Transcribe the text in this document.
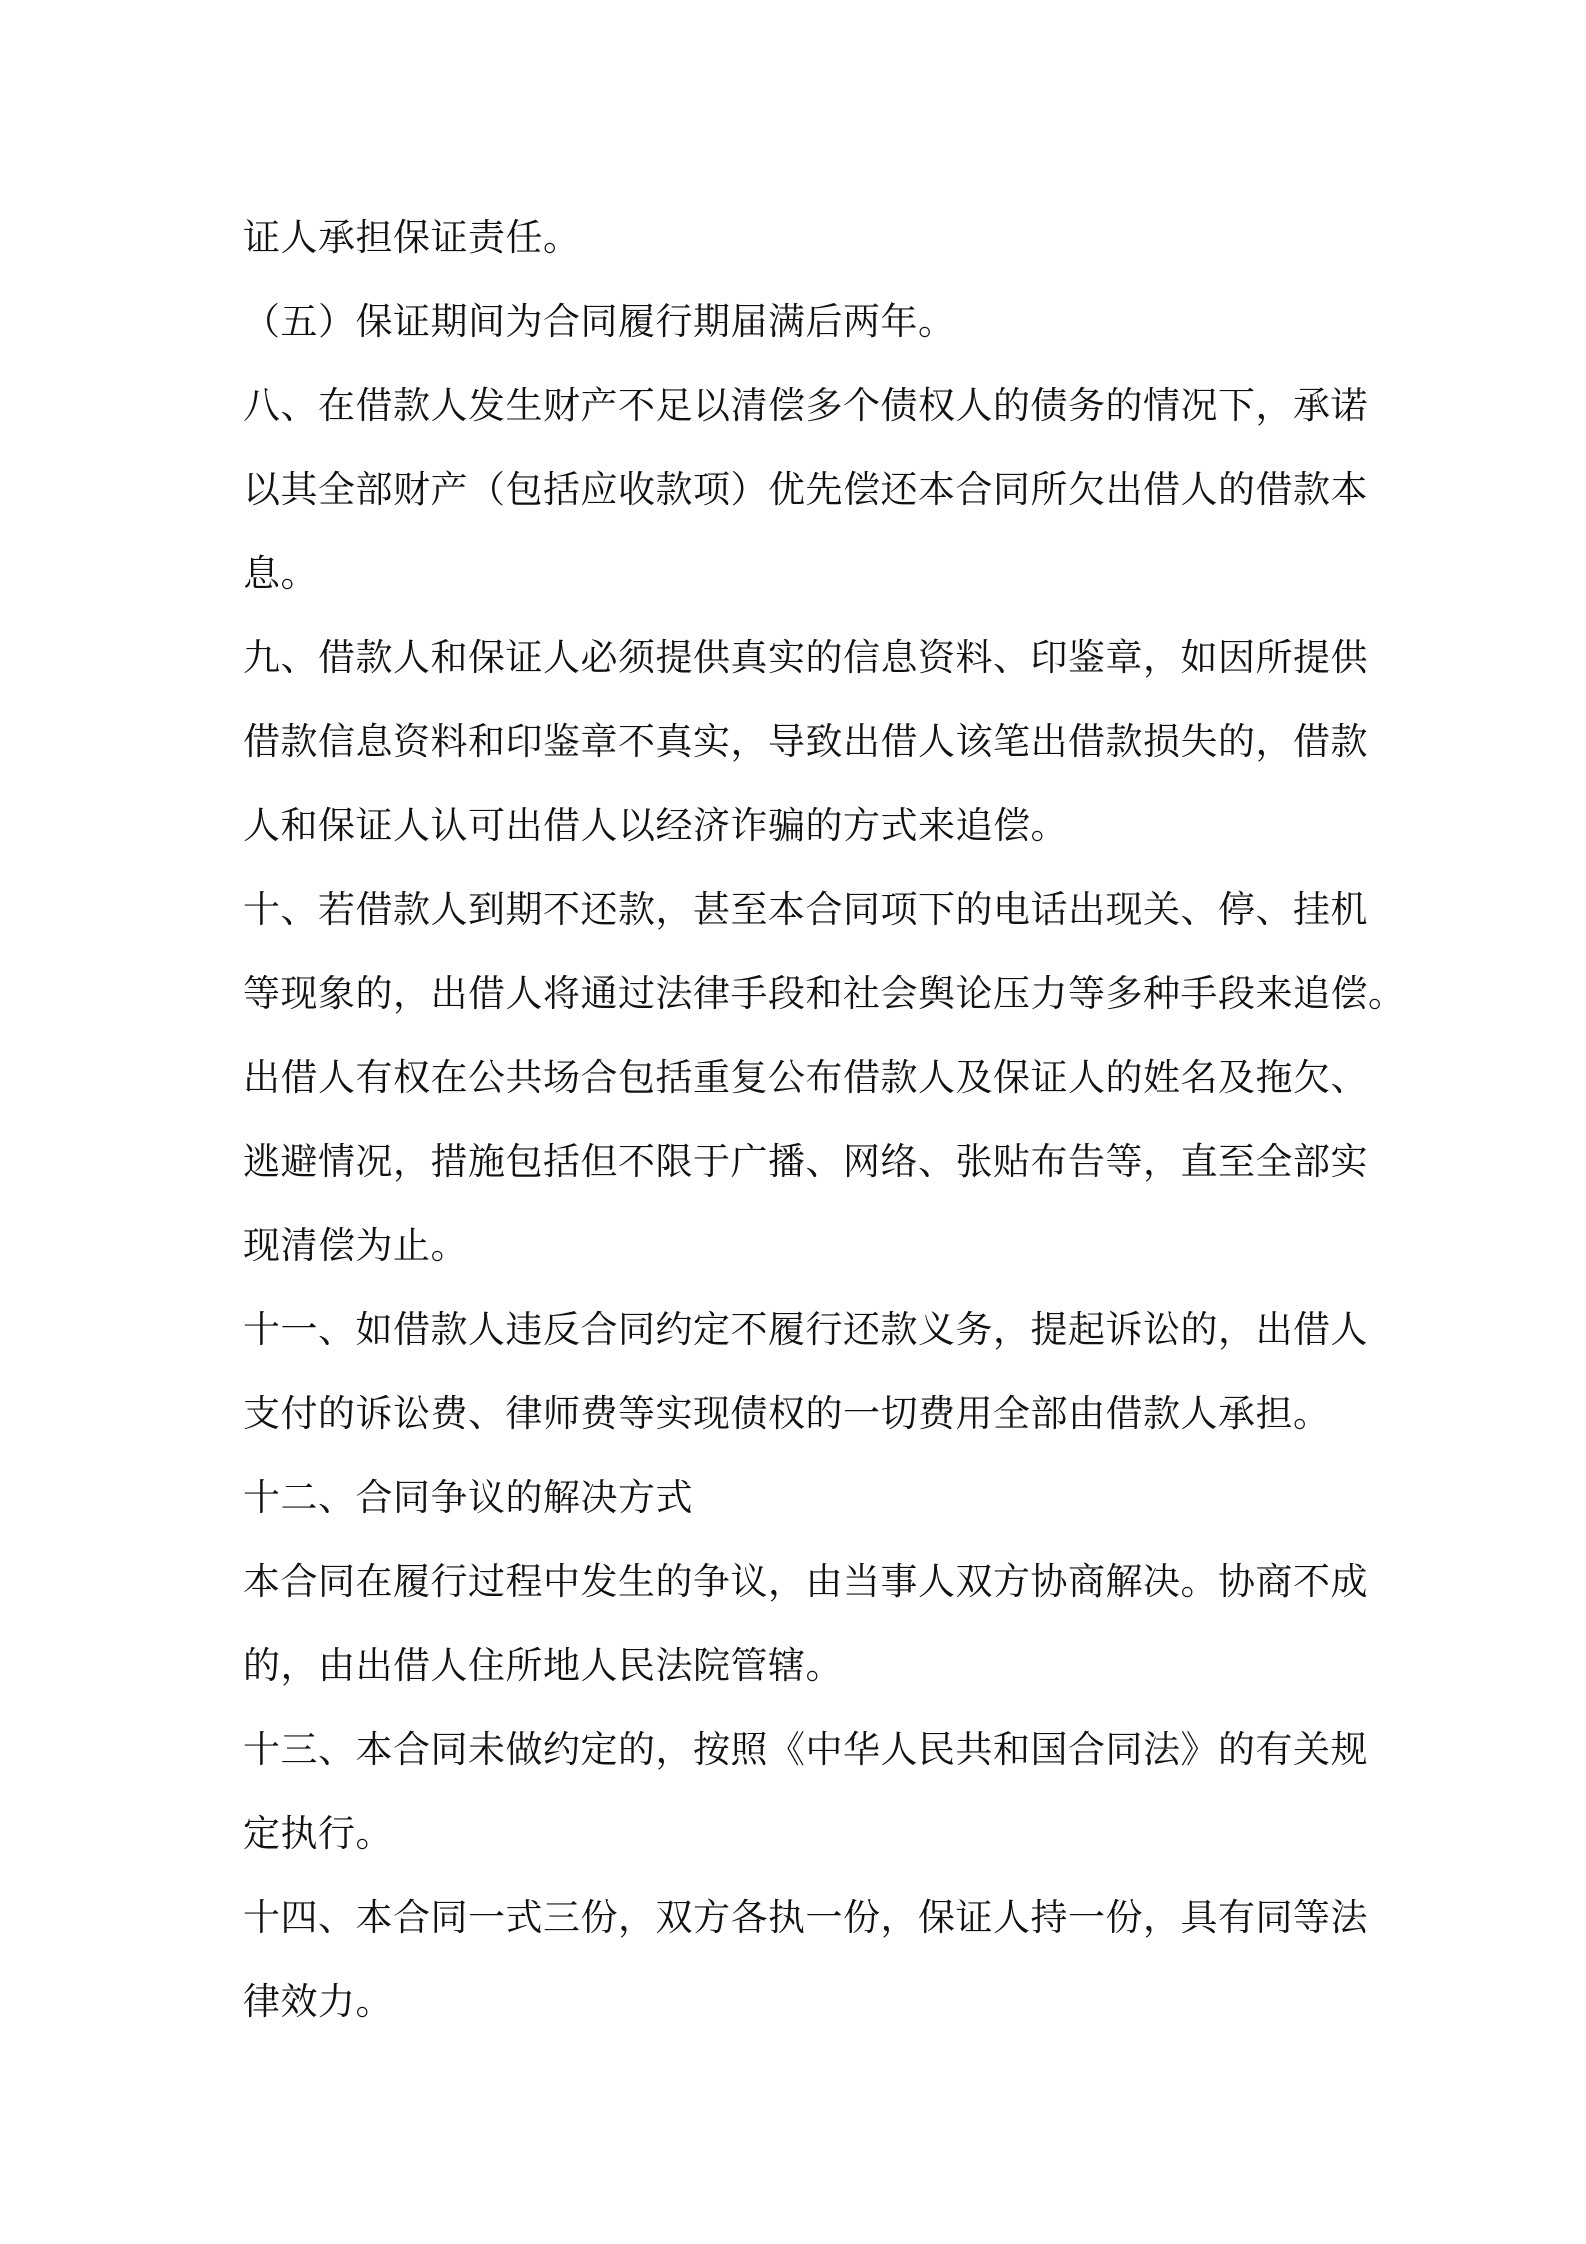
证人承担保证责任。
（五）保证期间为合同履行期届满后两年。
八、在借款人发生财产不足以清偿多个债权人的债务的情况下，承诺
以其全部财产（包括应收款项）优先偿还本合同所欠出借人的借款本
息。
九、借款人和保证人必须提供真实的信息资料、印鉴章，如因所提供
借款信息资料和印鉴章不真实，导致出借人该笔出借款损失的，借款
人和保证人认可出借人以经济诈骗的方式来追偿。
十、若借款人到期不还款，甚至本合同项下的电话出现关、停、挂机
等现象的，出借人将通过法律手段和社会舆论压力等多种手段来追偿。
出借人有权在公共场合包括重复公布借款人及保证人的姓名及拖欠、
逃避情况，措施包括但不限于广播、网络、张贴布告等，直至全部实
现清偿为止。
十一、如借款人违反合同约定不履行还款义务，提起诉讼的，出借人
支付的诉讼费、律师费等实现债权的一切费用全部由借款人承担。
十二、合同争议的解决方式
本合同在履行过程中发生的争议，由当事人双方协商解决。协商不成
的，由出借人住所地人民法院管辖。
十三、本合同未做约定的，按照《中华人民共和国合同法》的有关规
定执行。
十四、本合同一式三份，双方各执一份，保证人持一份，具有同等法
律效力。
